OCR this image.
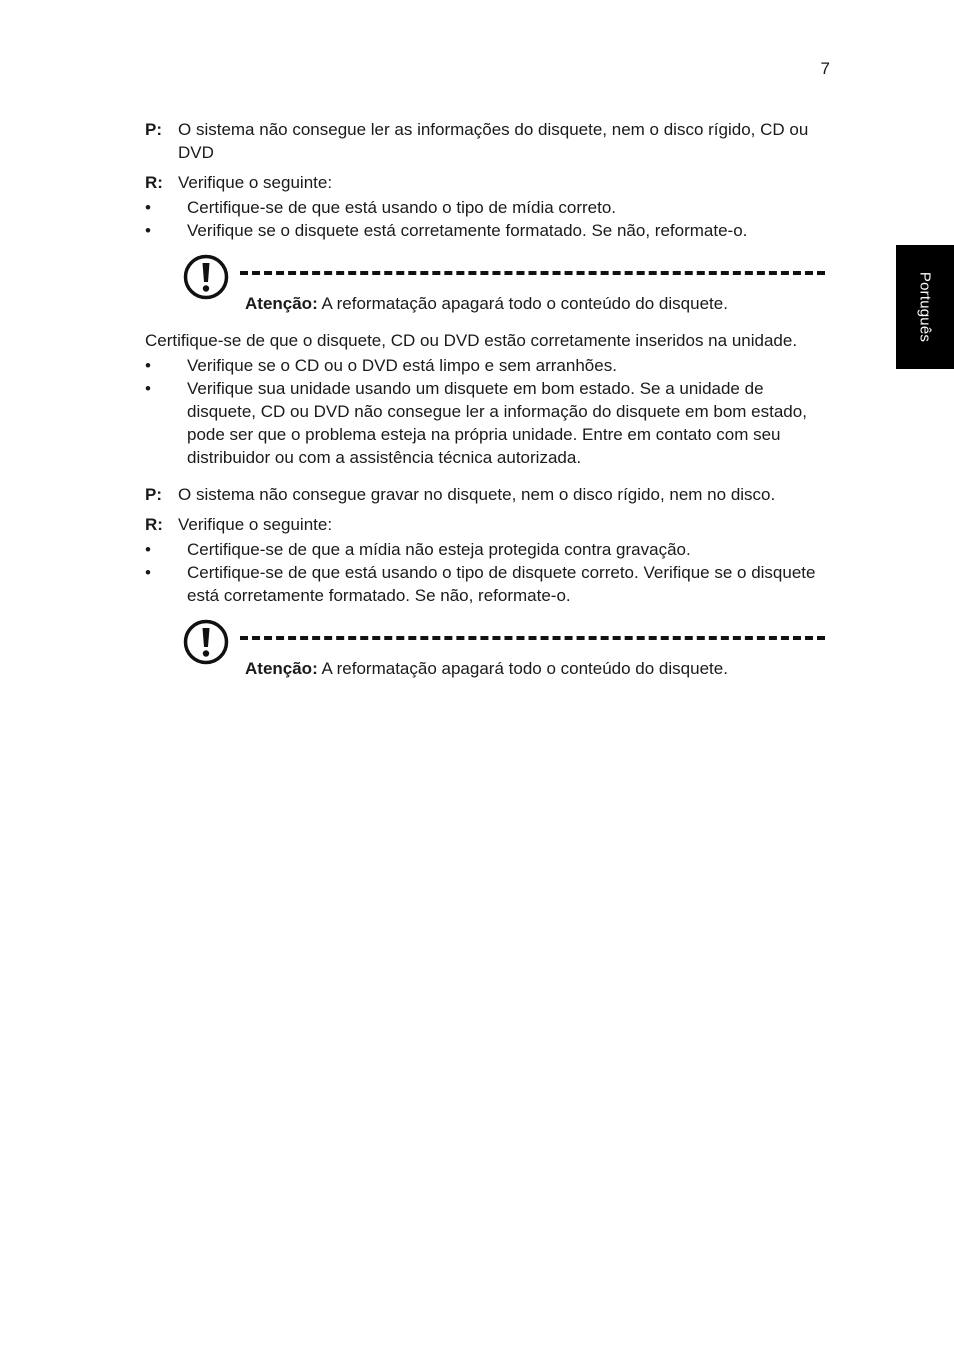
7
Português
P: O sistema não consegue ler as informações do disquete, nem o disco rígido, CD ou DVD
R: Verifique o seguinte:
• Certifique-se de que está usando o tipo de mídia correto.
• Verifique se o disquete está corretamente formatado. Se não, reformate-o.
Atenção: A reformatação apagará todo o conteúdo do disquete.
Certifique-se de que o disquete, CD ou DVD estão corretamente inseridos na unidade.
• Verifique se o CD ou o DVD está limpo e sem arranhões.
• Verifique sua unidade usando um disquete em bom estado. Se a unidade de disquete, CD ou DVD não consegue ler a informação do disquete em bom estado, pode ser que o problema esteja na própria unidade. Entre em contato com seu distribuidor ou com a assistência técnica autorizada.
P: O sistema não consegue gravar no disquete, nem o disco rígido, nem no disco.
R: Verifique o seguinte:
• Certifique-se de que a mídia não esteja protegida contra gravação.
• Certifique-se de que está usando o tipo de disquete correto. Verifique se o disquete está corretamente formatado. Se não, reformate-o.
Atenção: A reformatação apagará todo o conteúdo do disquete.
